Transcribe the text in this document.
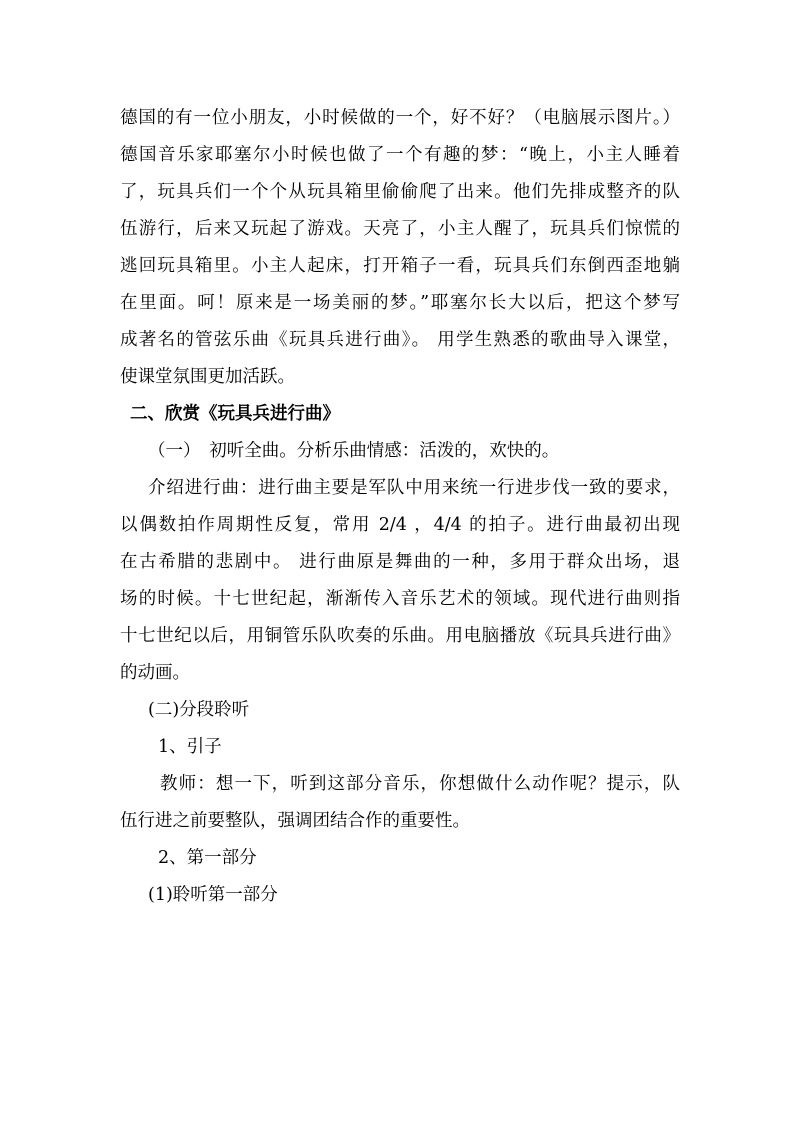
德国的有一位小朋友，小时候做的一个，好不好？（电脑展示图片。）
德国音乐家耶塞尔小时候也做了一个有趣的梦：“晚上，小主人睡着
了，玩具兵们一个个从玩具箱里偷偷爬了出来。他们先排成整齐的队
伍游行，后来又玩起了游戏。天亮了，小主人醒了，玩具兵们惊慌的
逃回玩具箱里。小主人起床，打开箱子一看，玩具兵们东倒西歪地躺
在里面。呵！原来是一场美丽的梦。”耶塞尔长大以后，把这个梦写
成著名的管弦乐曲《玩具兵进行曲》。 用学生熟悉的歌曲导入课堂，
使课堂氛围更加活跃。
二、欣赏《玩具兵进行曲》
（一）　初听全曲。分析乐曲情感：活泼的，欢快的。
介绍进行曲：进行曲主要是军队中用来统一行进步伐一致的要求，
以偶数拍作周期性反复，常用 2/4 ，4/4 的拍子。进行曲最初出现
在古希腊的悲剧中。 进行曲原是舞曲的一种，多用于群众出场，退
场的时候。十七世纪起，渐渐传入音乐艺术的领域。现代进行曲则指
十七世纪以后，用铜管乐队吹奏的乐曲。用电脑播放《玩具兵进行曲》
的动画。
(二)分段聆听
1、引子
教师：想一下，听到这部分音乐，你想做什么动作呢？提示，队
伍行进之前要整队，强调团结合作的重要性。
2、第一部分
(1)聆听第一部分
